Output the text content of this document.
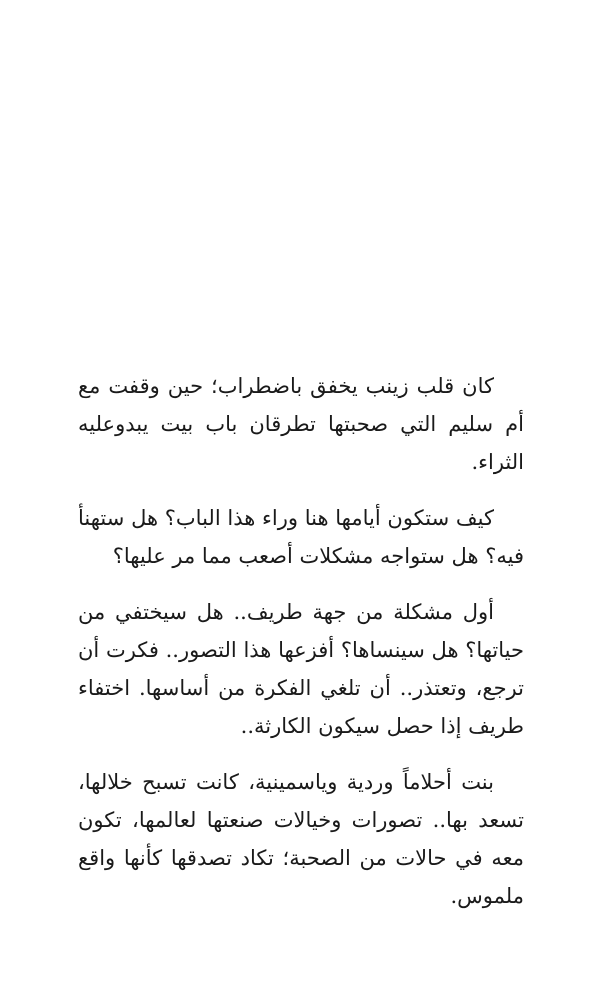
كان قلب زينب يخفق باضطراب؛ حين وقفت مع أم سليم التي صحبتها تطرقان باب بيت يبدوعليه الثراء.

كيف ستكون أيامها هنا وراء هذا الباب؟ هل ستهنأ فيه؟ هل ستواجه مشكلات أصعب مما مر عليها؟

أول مشكلة من جهة طريف.. هل سيختفي من حياتها؟ هل سينساها؟ أفزعها هذا التصور.. فكرت أن ترجع، وتعتذر.. أن تلغي الفكرة من أساسها. اختفاء طريف إذا حصل سيكون الكارثة..

بنت أحلاماً وردية وياسمينية، كانت تسبح خلالها، تسعد بها.. تصورات وخيالات صنعتها لعالمها، تكون معه في حالات من الصحبة؛ تكاد تصدقها كأنها واقع ملموس.
